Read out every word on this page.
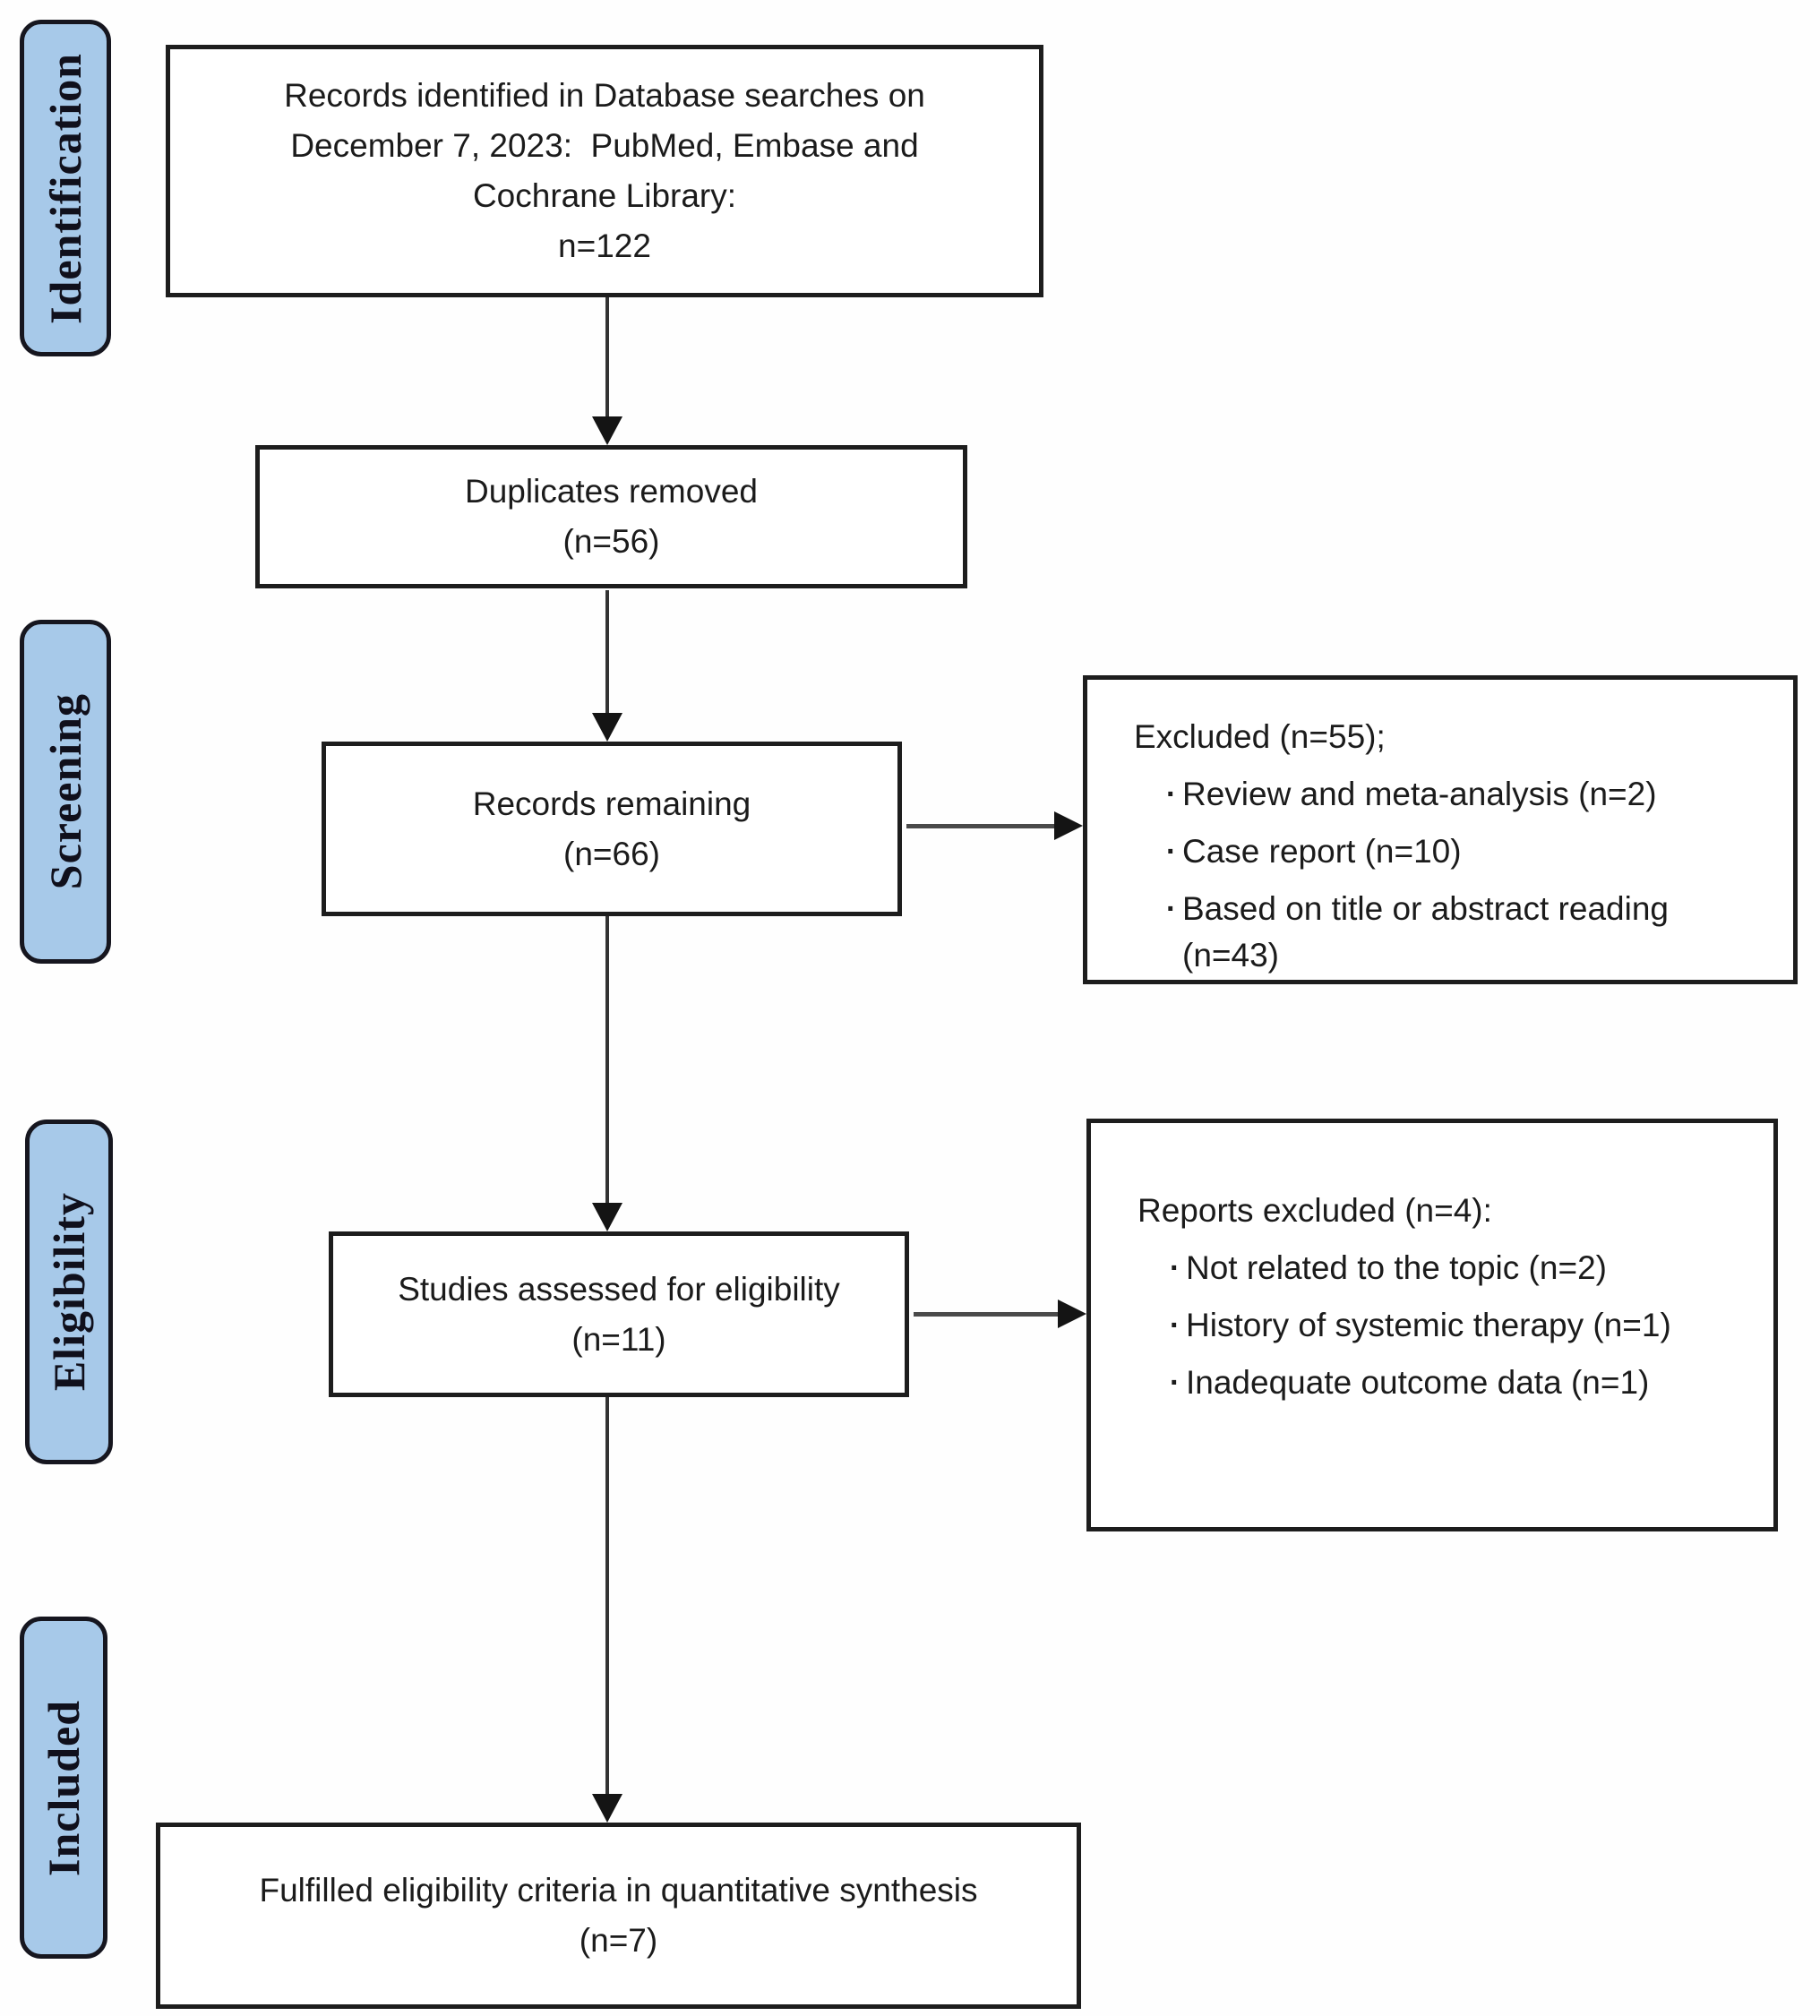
Identification
Screening
Eligibility
Included
Records identified in Database searches on
December 7, 2023:  PubMed, Embase and
Cochrane Library:
n=122
Duplicates removed
(n=56)
Records remaining
(n=66)
Excluded (n=55);
· Review and meta-analysis (n=2)
· Case report (n=10)
· Based on title or abstract reading (n=43)
Studies assessed for eligibility
(n=11)
Reports excluded (n=4):
· Not related to the topic (n=2)
· History of systemic therapy (n=1)
· Inadequate outcome data (n=1)
Fulfilled eligibility criteria in quantitative synthesis
(n=7)
